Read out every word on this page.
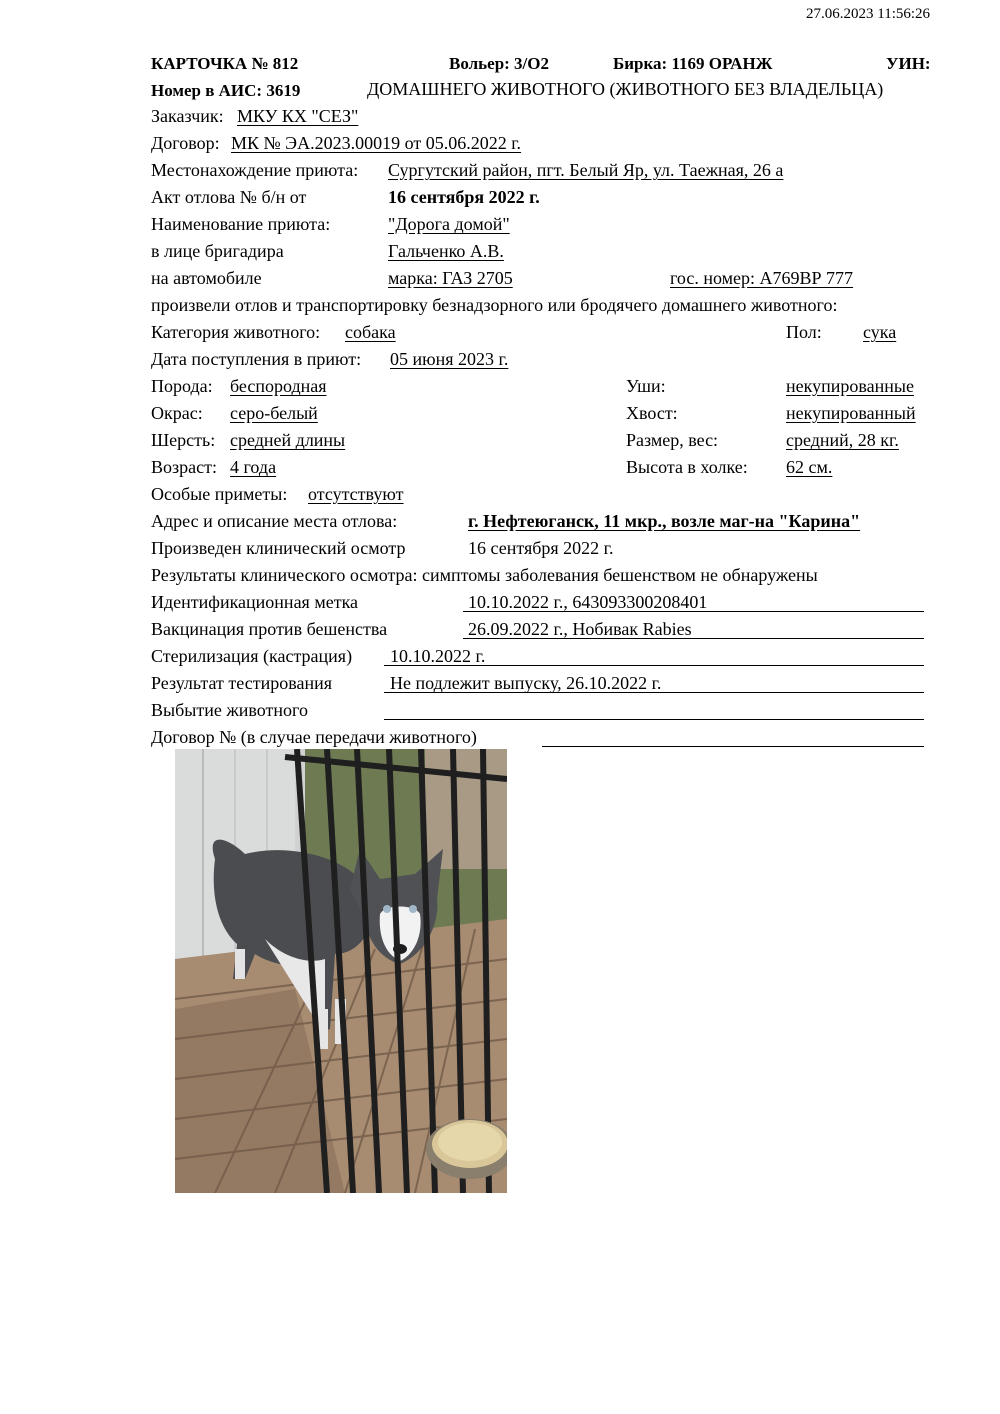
27.06.2023 11:56:26
КАРТОЧКА № 812	Вольер: 3/О2	Бирка: 1169 ОРАНЖ	УИН:
Номер в АИС: 3619	ДОМАШНЕГО ЖИВОТНОГО (ЖИВОТНОГО БЕЗ ВЛАДЕЛЬЦА)
Заказчик: МКУ КХ "СЕЗ"
Договор: МК № ЭА.2023.00019 от 05.06.2022 г.
Местонахождение приюта: Сургутский район, пгт. Белый Яр, ул. Таежная, 26 а
Акт отлова № б/н от	16 сентября 2022 г.
Наименование приюта:	"Дорога домой"
в лице бригадира	Гальченко А.В.
на автомобиле	марка: ГАЗ 2705	гос. номер: А769ВР 777
произвели отлов и транспортировку безнадзорного или бродячего домашнего животного:
Категория животного: собака	Пол: сука
Дата поступления в приют: 05 июня 2023 г.
Порода: беспородная	Уши:	некупированные
Окрас: серо-белый	Хвост:	некупированный
Шерсть: средней длины	Размер, вес:	средний, 28 кг.
Возраст: 4 года	Высота в холке: 62 см.
Особые приметы: отсутствуют
Адрес и описание места отлова:	г. Нефтеюганск, 11 мкр., возле маг-на "Карина"
Произведен клинический осмотр	16 сентября 2022 г.
Результаты клинического осмотра: симптомы заболевания бешенством не обнаружены
Идентификационная метка	10.10.2022 г., 643093300208401
Вакцинация против бешенства	26.09.2022 г., Нобивак Rabies
Стерилизация (кастрация) 10.10.2022 г.
Результат тестирования	Не подлежит выпуску, 26.10.2022 г.
Выбытие животного
Договор № (в случае передачи животного)
